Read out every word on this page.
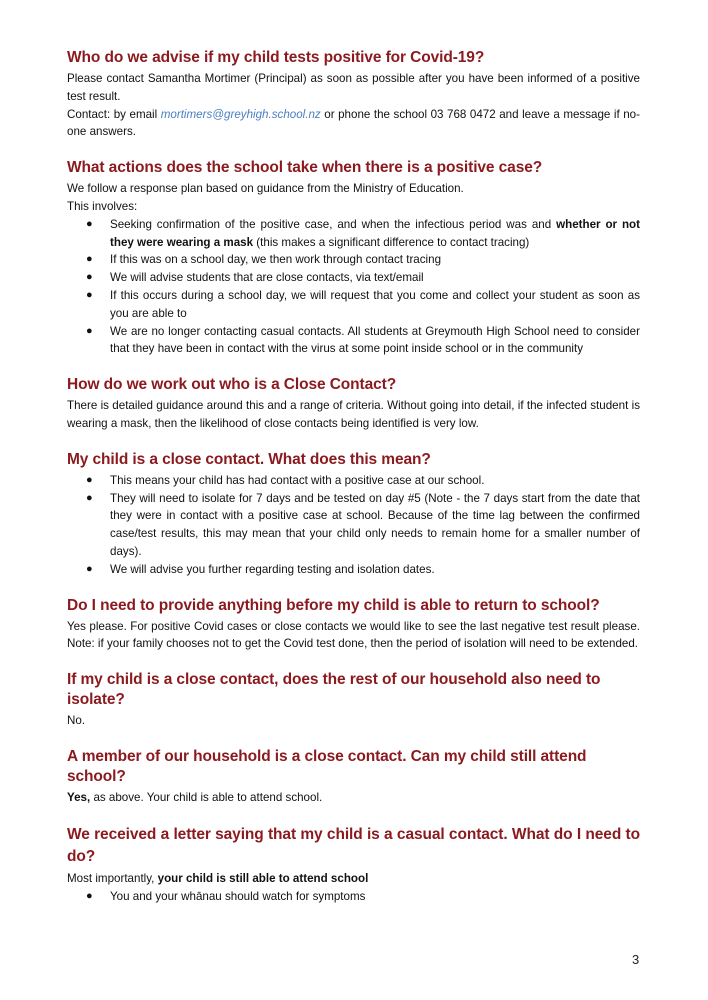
Who do we advise if my child tests positive for Covid-19?

Please contact Samantha Mortimer (Principal) as soon as possible after you have been informed of a positive test result.

Contact: by email mortimers@greyhigh.school.nz or phone the school 03 768 0472 and leave a message if no-one answers.

What actions does the school take when there is a positive case?

We follow a response plan based on guidance from the Ministry of Education.

This involves:

● Seeking confirmation of the positive case, and when the infectious period was and whether or not they were wearing a mask (this makes a significant difference to contact tracing)
● If this was on a school day, we then work through contact tracing
● We will advise students that are close contacts, via text/email
● If this occurs during a school day, we will request that you come and collect your student as soon as you are able to
● We are no longer contacting casual contacts. All students at Greymouth High School need to consider that they have been in contact with the virus at some point inside school or in the community
How do we work out who is a Close Contact?

There is detailed guidance around this and a range of criteria. Without going into detail, if the infected student is wearing a mask, then the likelihood of close contacts being identified is very low.

My child is a close contact. What does this mean?
● This means your child has had contact with a positive case at our school.
● They will need to isolate for 7 days and be tested on day #5 (Note - the 7 days start from the date that they were in contact with a positive case at school. Because of the time lag between the confirmed case/test results, this may mean that your child only needs to remain home for a smaller number of days).
● We will advise you further regarding testing and isolation dates.
Do I need to provide anything before my child is able to return to school?

Yes please. For positive Covid cases or close contacts we would like to see the last negative test result please. Note: if your family chooses not to get the Covid test done, then the period of isolation will need to be extended.

If my child is a close contact, does the rest of our household also need to isolate?

No.

A member of our household is a close contact. Can my child still attend school?

Yes, as above. Your child is able to attend school.

We received a letter saying that my child is a casual contact. What do I need to do?

Most importantly, your child is still able to attend school

● You and your whānau should watch for symptoms
3
